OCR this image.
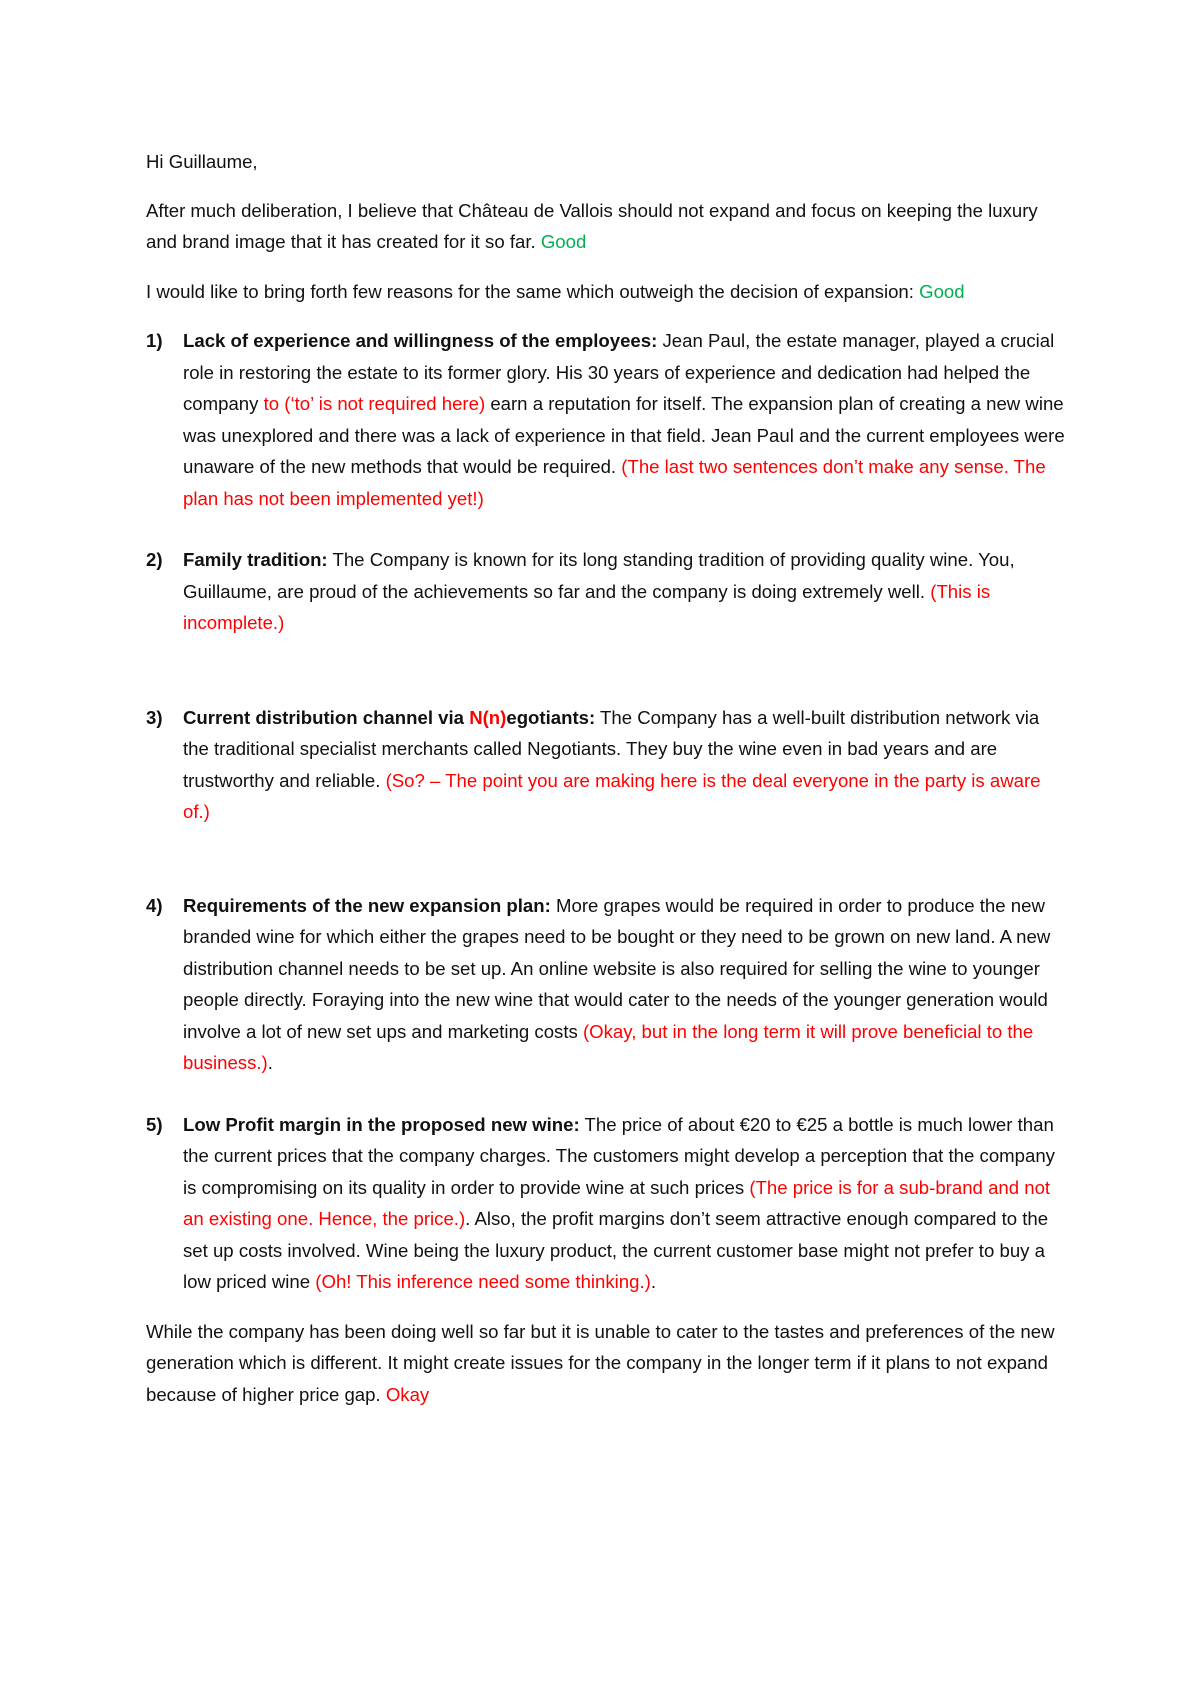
Hi Guillaume,

After much deliberation, I believe that Château de Vallois should not expand and focus on keeping the luxury and brand image that it has created for it so far. Good

I would like to bring forth few reasons for the same which outweigh the decision of expansion: Good

1) Lack of experience and willingness of the employees: Jean Paul, the estate manager, played a crucial role in restoring the estate to its former glory. His 30 years of experience and dedication had helped the company to (‘to’ is not required here) earn a reputation for itself. The expansion plan of creating a new wine was unexplored and there was a lack of experience in that field. Jean Paul and the current employees were unaware of the new methods that would be required. (The last two sentences don’t make any sense. The plan has not been implemented yet!)
2) Family tradition: The Company is known for its long standing tradition of providing quality wine. You, Guillaume, are proud of the achievements so far and the company is doing extremely well. (This is incomplete.)
3) Current distribution channel via N(n)egotiants: The Company has a well-built distribution network via the traditional specialist merchants called Negotiants. They buy the wine even in bad years and are trustworthy and reliable. (So? – The point you are making here is the deal everyone in the party is aware of.)
4) Requirements of the new expansion plan: More grapes would be required in order to produce the new branded wine for which either the grapes need to be bought or they need to be grown on new land. A new distribution channel needs to be set up. An online website is also required for selling the wine to younger people directly. Foraying into the new wine that would cater to the needs of the younger generation would involve a lot of new set ups and marketing costs (Okay, but in the long term it will prove beneficial to the business.).
5) Low Profit margin in the proposed new wine: The price of about €20 to €25 a bottle is much lower than the current prices that the company charges. The customers might develop a perception that the company is compromising on its quality in order to provide wine at such prices (The price is for a sub-brand and not an existing one. Hence, the price.). Also, the profit margins don’t seem attractive enough compared to the set up costs involved. Wine being the luxury product, the current customer base might not prefer to buy a low priced wine (Oh! This inference need some thinking.).

While the company has been doing well so far but it is unable to cater to the tastes and preferences of the new generation which is different. It might create issues for the company in the longer term if it plans to not expand because of higher price gap. Okay
